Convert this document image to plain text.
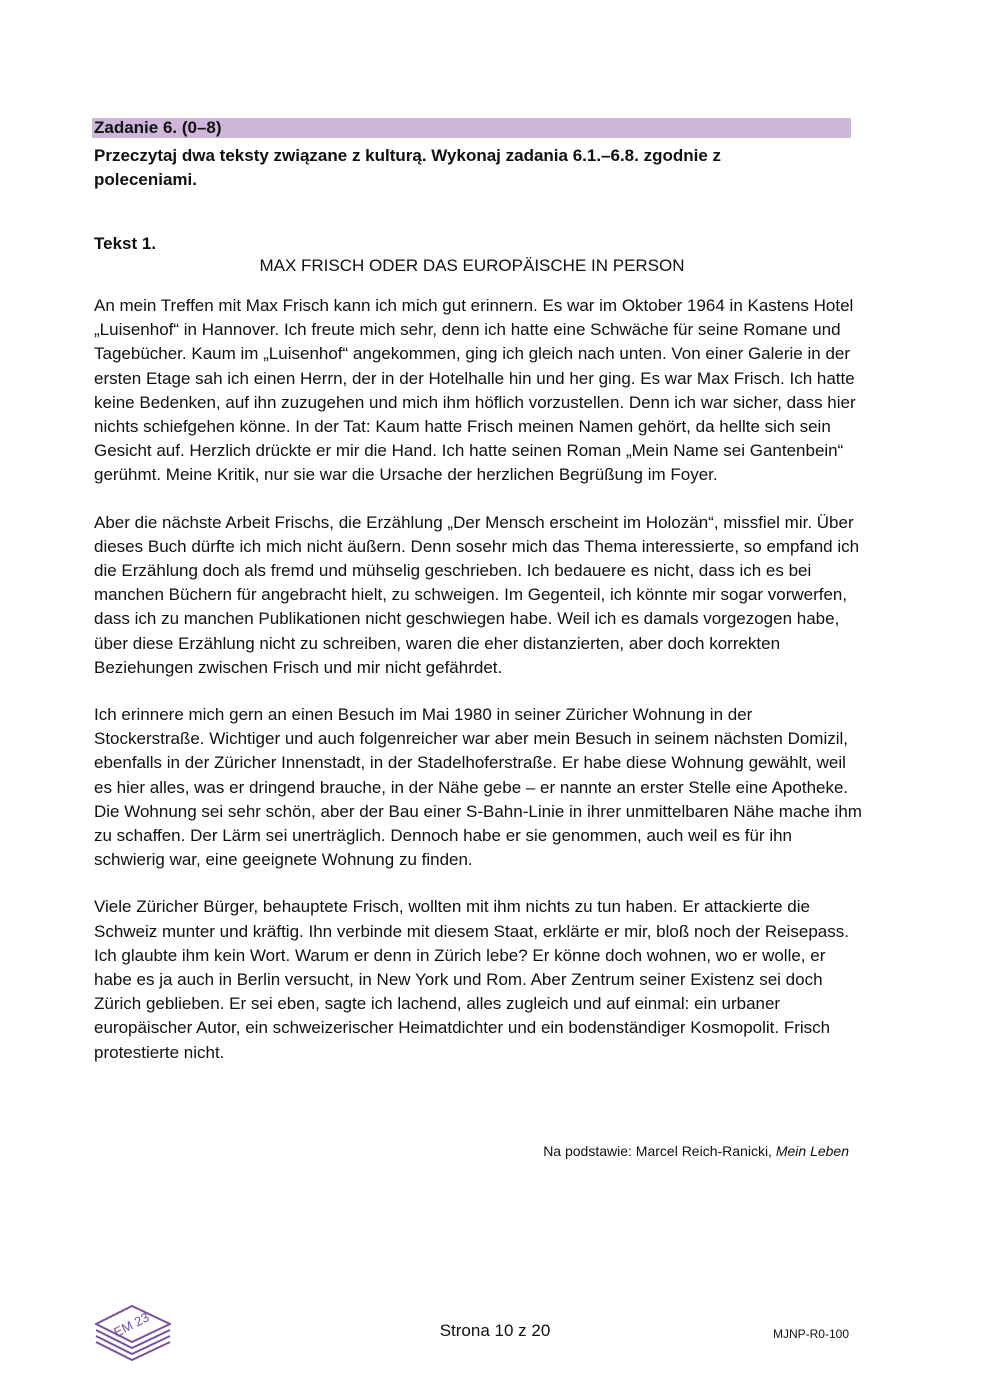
Zadanie 6. (0–8)
Przeczytaj dwa teksty związane z kulturą. Wykonaj zadania 6.1.–6.8. zgodnie z poleceniami.
Tekst 1.
MAX FRISCH ODER DAS EUROPÄISCHE IN PERSON

An mein Treffen mit Max Frisch kann ich mich gut erinnern. Es war im Oktober 1964 in Kastens Hotel „Luisenhof“ in Hannover. Ich freute mich sehr, denn ich hatte eine Schwäche für seine Romane und Tagebücher. Kaum im „Luisenhof“ angekommen, ging ich gleich nach unten. Von einer Galerie in der ersten Etage sah ich einen Herrn, der in der Hotelhalle hin und her ging. Es war Max Frisch. Ich hatte keine Bedenken, auf ihn zuzugehen und mich ihm höflich vorzustellen. Denn ich war sicher, dass hier nichts schiefgehen könne. In der Tat: Kaum hatte Frisch meinen Namen gehört, da hellte sich sein Gesicht auf. Herzlich drückte er mir die Hand. Ich hatte seinen Roman „Mein Name sei Gantenbein“ gerühmt. Meine Kritik, nur sie war die Ursache der herzlichen Begrüßung im Foyer.

Aber die nächste Arbeit Frischs, die Erzählung „Der Mensch erscheint im Holozän“, missfiel mir. Über dieses Buch dürfte ich mich nicht äußern. Denn sosehr mich das Thema interessierte, so empfand ich die Erzählung doch als fremd und mühselig geschrieben. Ich bedauere es nicht, dass ich es bei manchen Büchern für angebracht hielt, zu schweigen. Im Gegenteil, ich könnte mir sogar vorwerfen, dass ich zu manchen Publikationen nicht geschwiegen habe. Weil ich es damals vorgezogen habe, über diese Erzählung nicht zu schreiben, waren die eher distanzierten, aber doch korrekten Beziehungen zwischen Frisch und mir nicht gefährdet.

Ich erinnere mich gern an einen Besuch im Mai 1980 in seiner Züricher Wohnung in der Stockerstraße. Wichtiger und auch folgenreicher war aber mein Besuch in seinem nächsten Domizil, ebenfalls in der Züricher Innenstadt, in der Stadelhoferstraße. Er habe diese Wohnung gewählt, weil es hier alles, was er dringend brauche, in der Nähe gebe – er nannte an erster Stelle eine Apotheke. Die Wohnung sei sehr schön, aber der Bau einer S-Bahn-Linie in ihrer unmittelbaren Nähe mache ihm zu schaffen. Der Lärm sei unerträglich. Dennoch habe er sie genommen, auch weil es für ihn schwierig war, eine geeignete Wohnung zu finden.

Viele Züricher Bürger, behauptete Frisch, wollten mit ihm nichts zu tun haben. Er attackierte die Schweiz munter und kräftig. Ihn verbinde mit diesem Staat, erklärte er mir, bloß noch der Reisepass. Ich glaubte ihm kein Wort. Warum er denn in Zürich lebe? Er könne doch wohnen, wo er wolle, er habe es ja auch in Berlin versucht, in New York und Rom. Aber Zentrum seiner Existenz sei doch Zürich geblieben. Er sei eben, sagte ich lachend, alles zugleich und auf einmal: ein urbaner europäischer Autor, ein schweizerischer Heimatdichter und ein bodenständiger Kosmopolit. Frisch protestierte nicht.

Na podstawie: Marcel Reich-Ranicki, Mein Leben
EM 23	Strona 10 z 20	MJNP-R0-100
